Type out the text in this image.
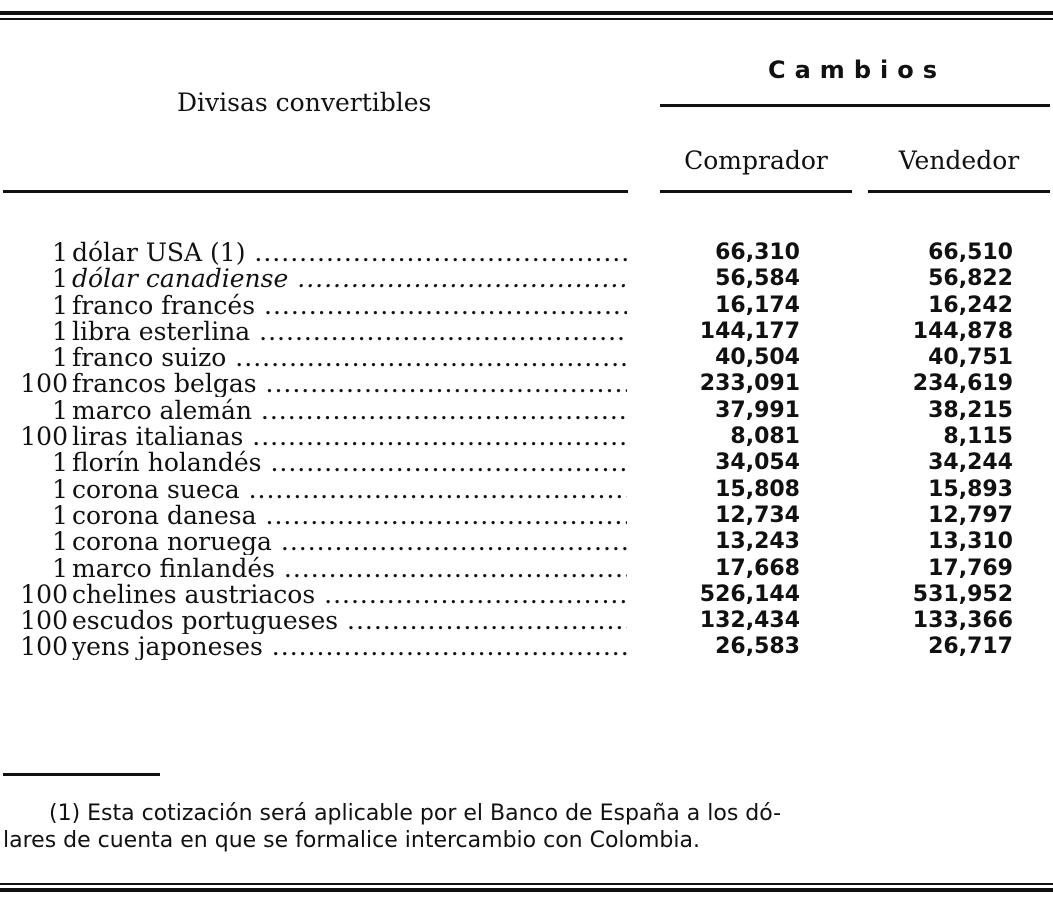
Divisas convertibles
Cambios
Comprador	Vendedor
1 dólar USA (1) .....	66,310	66,510
1 dólar canadiense .....	56,584	56,822
1 franco francés .....	16,174	16,242
1 libra esterlina .....	144,177	144,878
1 franco suizo .....	40,504	40,751
100 francos belgas .....	233,091	234,619
1 marco alemán .....	37,991	38,215
100 liras italianas .....	8,081	8,115
1 florín holandés .....	34,054	34,244
1 corona sueca .....	15,808	15,893
1 corona danesa .....	12,734	12,797
1 corona noruega .....	13,243	13,310
1 marco finlandés .....	17,668	17,769
100 chelines austriacos .....	526,144	531,952
100 escudos portugueses .....	132,434	133,366
100 yens japoneses .....	26,583	26,717
(1) Esta cotización será aplicable por el Banco de España a los dó-
lares de cuenta en que se formalice intercambio con Colombia.
